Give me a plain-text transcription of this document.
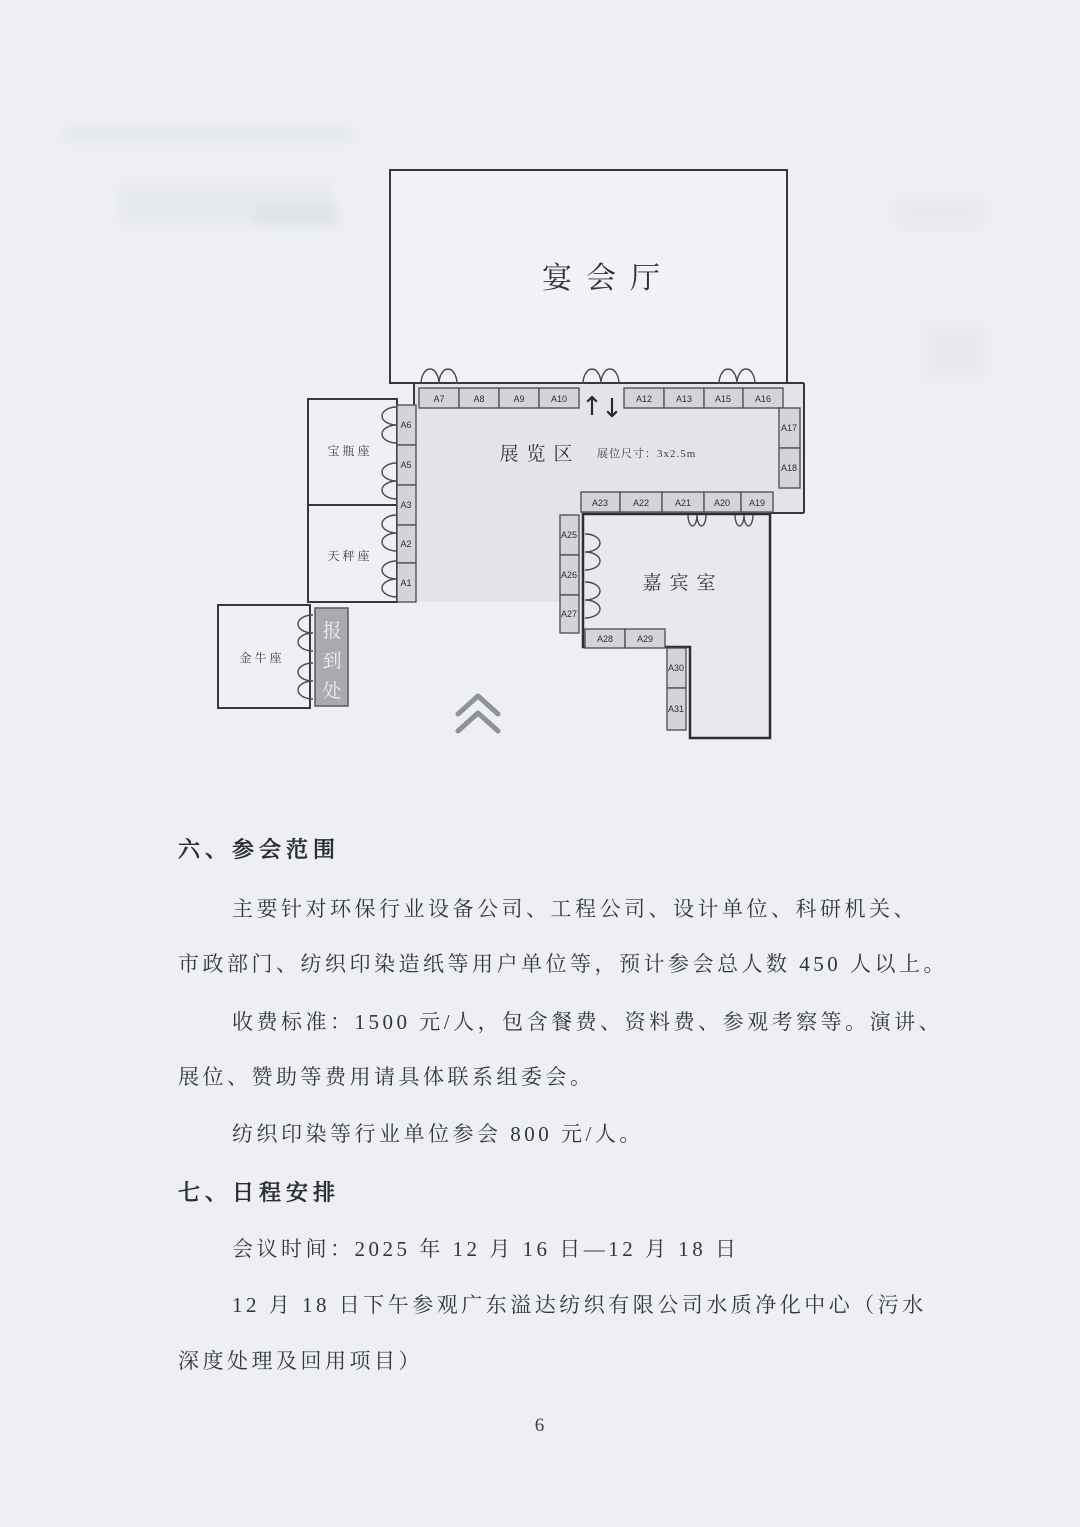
宴会厅
宝瓶座
天秤座
金牛座
报
到
处
嘉宾室
展览区 展位尺寸：3x2.5m
↑
↓
A7	A8	A9	A10	A12	A13	A15	A16
A17
A18
A23	A22	A21	A20 A19
A6
A5
A3
A2
A1
A25
A26
A27
A28	A29
A30
A31
六、参会范围
主要针对环保行业设备公司、工程公司、设计单位、科研机关、
市政部门、纺织印染造纸等用户单位等，预计参会总人数 450 人以上。
收费标准：1500 元/人，包含餐费、资料费、参观考察等。演讲、
展位、赞助等费用请具体联系组委会。
纺织印染等行业单位参会 800 元/人。
七、日程安排
会议时间：2025 年 12 月 16 日—12 月 18 日
12 月 18 日下午参观广东溢达纺织有限公司水质净化中心（污水
深度处理及回用项目）
6
